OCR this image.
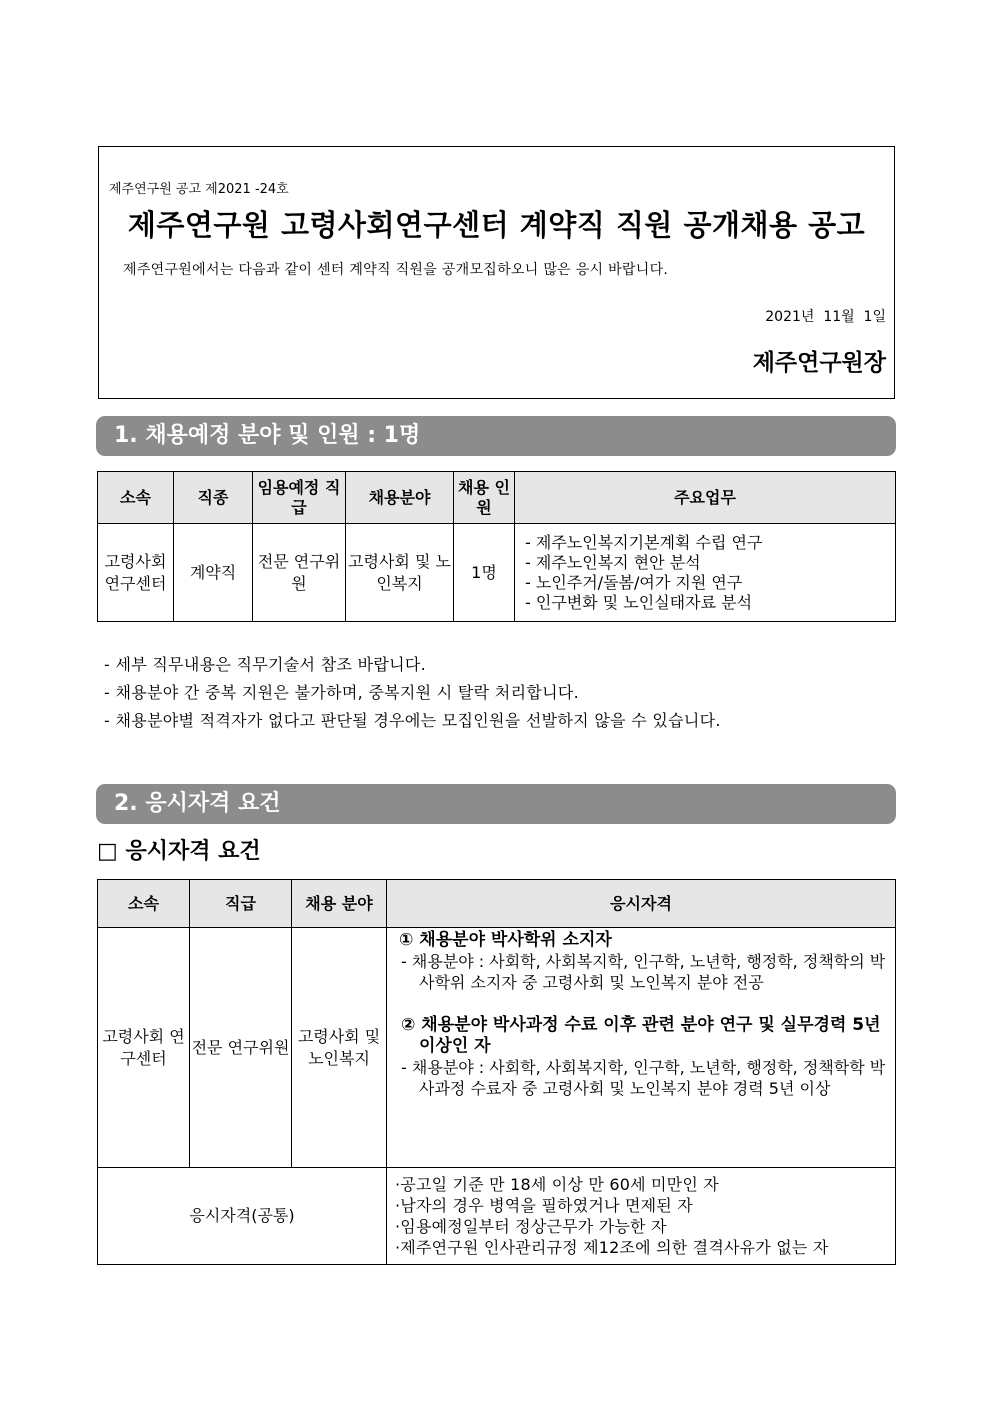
제주연구원 공고 제2021 -24호
제주연구원 고령사회연구센터 계약직 직원 공개채용 공고
제주연구원에서는 다음과 같이 센터 계약직 직원을 공개모집하오니 많은 응시 바랍니다.
2021년  11월  1일
제주연구원장
1. 채용예정 분야 및 인원 : 1명
소속	직종	임용예정 직급	채용분야	채용 인원	주요업무
고령사회 연구센터	계약직	전문 연구위원	고령사회 및 노인복지	1명	- 제주노인복지기본계획 수립 연구
- 제주노인복지 현안 분석
- 노인주거/돌봄/여가 지원 연구
- 인구변화 및 노인실태자료 분석
- 세부 직무내용은 직무기술서 참조 바랍니다.
- 채용분야 간 중복 지원은 불가하며, 중복지원 시 탈락 처리합니다.
- 채용분야별 적격자가 없다고 판단될 경우에는 모집인원을 선발하지 않을 수 있습니다.
2. 응시자격 요건
□ 응시자격 요건
소속	직급	채용 분야	응시자격
고령사회 연구센터	전문 연구위원	고령사회 및 노인복지	① 채용분야 박사학위 소지자
- 채용분야 : 사회학, 사회복지학, 인구학, 노년학, 행정학, 정책학의 박사학위 소지자 중 고령사회 및 노인복지 분야 전공
② 채용분야 박사과정 수료 이후 관련 분야 연구 및 실무경력 5년 이상인 자
- 채용분야 : 사회학, 사회복지학, 인구학, 노년학, 행정학, 정책학학 박사과정 수료자 중 고령사회 및 노인복지 분야 경력 5년 이상

응시자격(공통)			·공고일 기준 만 18세 이상 만 60세 미만인 자
·남자의 경우 병역을 필하였거나 면제된 자
·임용예정일부터 정상근무가 가능한 자
·제주연구원 인사관리규정 제12조에 의한 결격사유가 없는 자
